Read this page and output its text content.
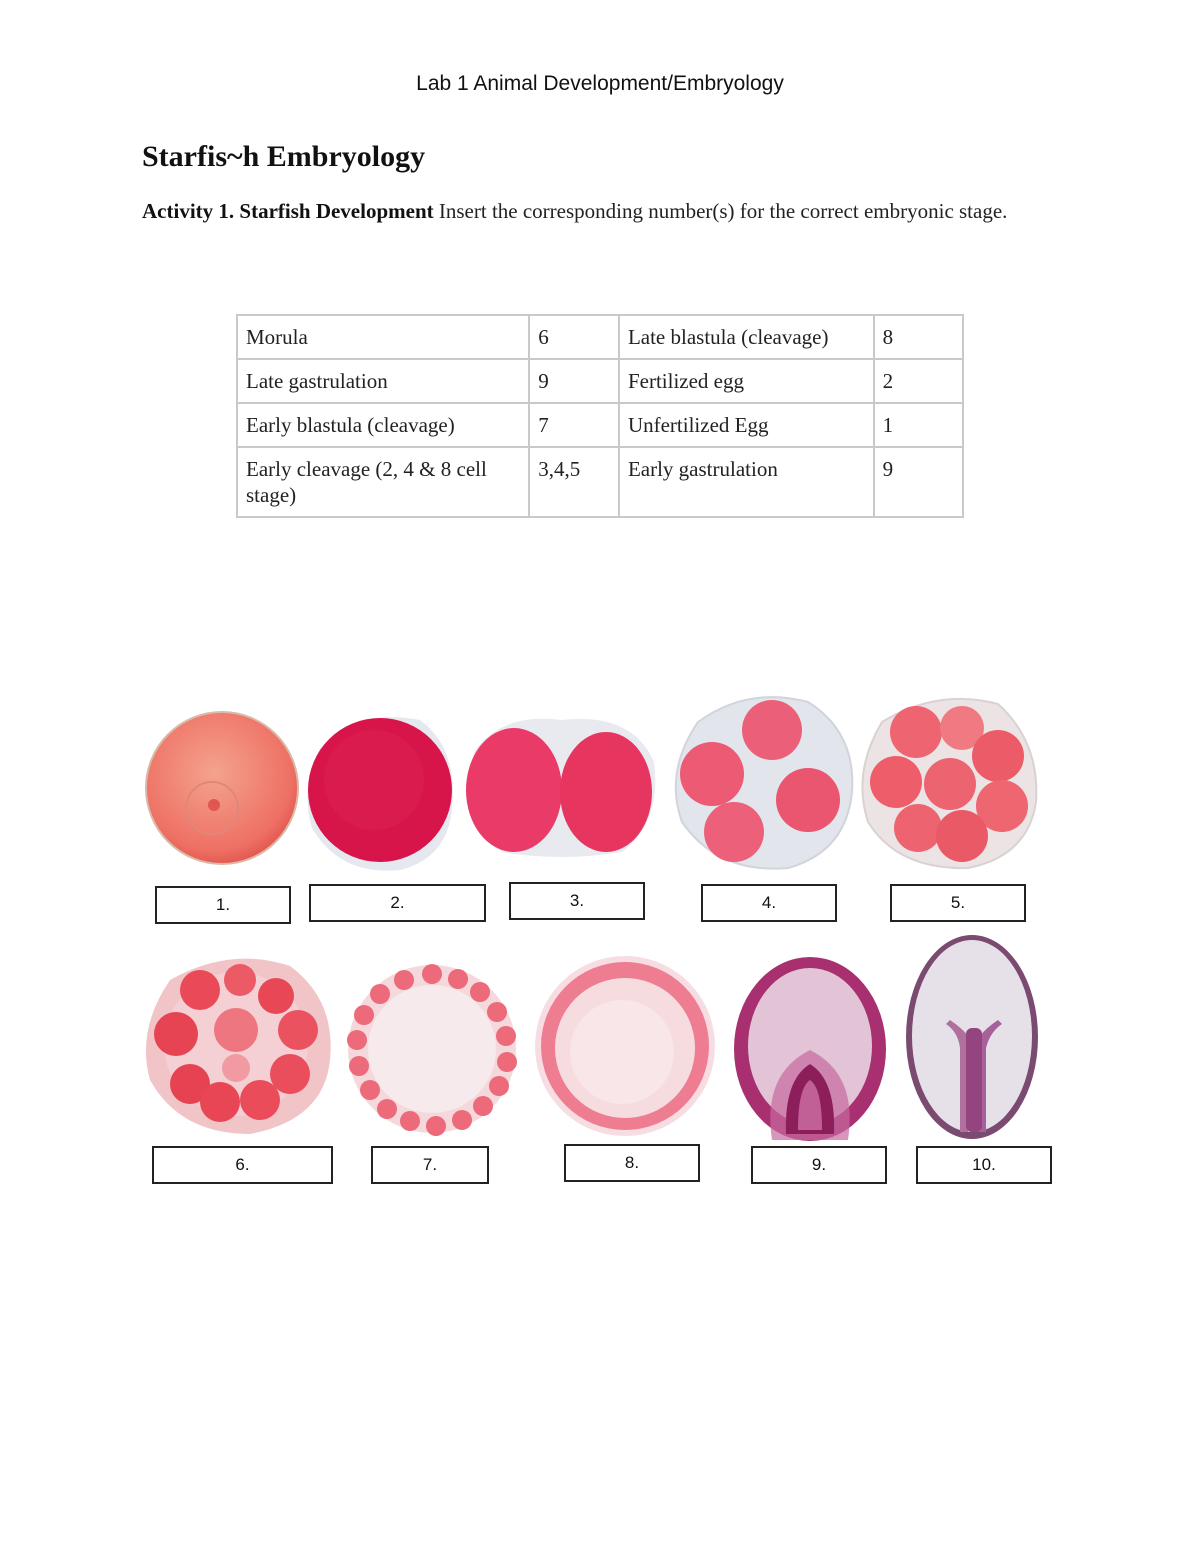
Lab 1 Animal Development/Embryology
Starfis~h Embryology
Activity 1. Starfish Development Insert the corresponding number(s) for the correct embryonic stage.
Morula	6	Late blastula (cleavage)	8
Late gastrulation	9	Fertilized egg	2
Early blastula (cleavage)	7	Unfertilized Egg	1
Early cleavage (2, 4 & 8 cell stage)	3,4,5	Early gastrulation	9
1.	2.	3.	4.	5.
6.	7.	8.	9.	10.
